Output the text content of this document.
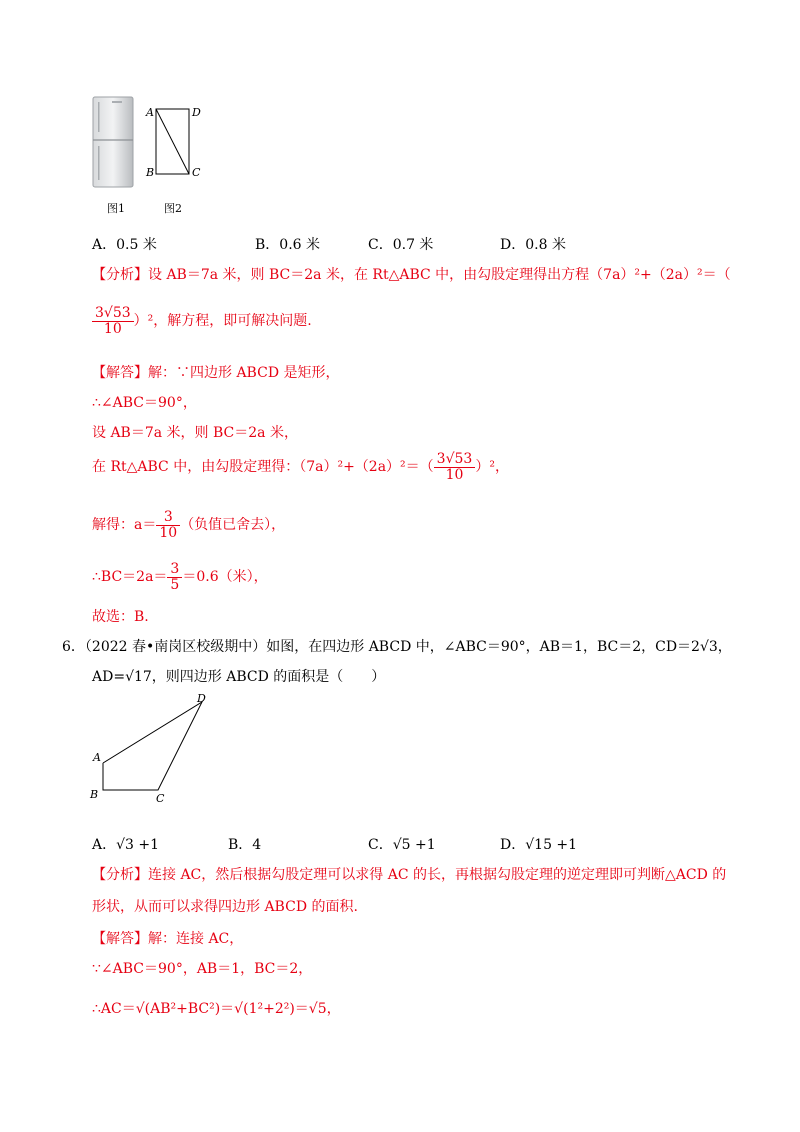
A	D
B	C
图1	图2
A．0.5 米	B．0.6 米	C．0.7 米	D．0.8 米
【分析】设 AB＝7a 米，则 BC＝2a 米，在 Rt△ABC 中，由勾股定理得出方程（7a）²+（2a）²＝（
$\frac{3√53}{10} )^2$，解方程，即可解决问题.
【解答】解：∵四边形 ABCD 是矩形，
∴∠ABC＝90°，
设 AB＝7a 米，则 BC＝2a 米，
在 Rt△ABC 中，由勾股定理得：$(7a)^2+(2a)^2=( \frac{3√53}{10} )^2$，
解得：$a= \frac{3}{10}$ （负值已舍去），
∴BC＝2a＝ $\frac{3}{5} =0.6$（米），
故选：B.
6．（2022 春•南岗区校级期中）如图，在四边形 ABCD 中，∠ABC＝90°，AB＝1，BC＝2，CD＝2√3，
AD=√17，则四边形 ABCD 的面积是（　　）
A
B	C
D
A．√3 +1	B．4	C．√5 +1	D．√15 +1
【分析】连接 AC，然后根据勾股定理可以求得 AC 的长，再根据勾股定理的逆定理即可判断△ACD 的
形状，从而可以求得四边形 ABCD 的面积.
【解答】解：连接 AC，
∵∠ABC＝90°，AB＝1，BC＝2，
∴AC＝√(AB²+BC²)＝√(1²+2²)＝√5，
